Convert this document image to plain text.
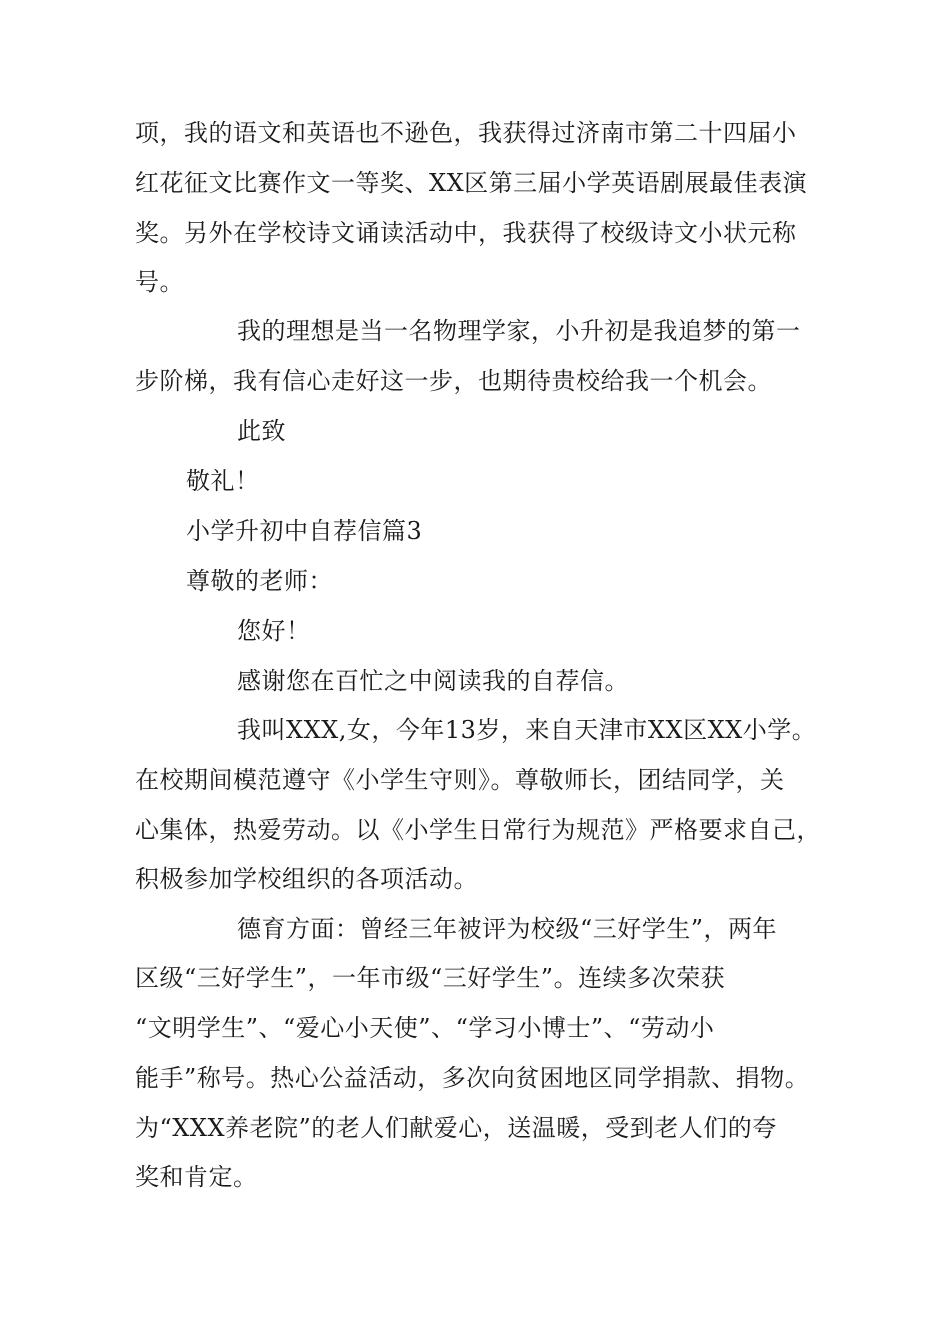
项，我的语文和英语也不逊色，我获得过济南市第二十四届小
红花征文比赛作文一等奖、XX区第三届小学英语剧展最佳表演
奖。另外在学校诗文诵读活动中，我获得了校级诗文小状元称
号。
我的理想是当一名物理学家，小升初是我追梦的第一
步阶梯，我有信心走好这一步，也期待贵校给我一个机会。
此致
敬礼！
小学升初中自荐信篇3
尊敬的老师：
您好！
感谢您在百忙之中阅读我的自荐信。
我叫XXX,女，今年13岁，来自天津市XX区XX小学。
在校期间模范遵守《小学生守则》。尊敬师长，团结同学，关
心集体，热爱劳动。以《小学生日常行为规范》严格要求自己，
积极参加学校组织的各项活动。
德育方面：曾经三年被评为校级“三好学生”，两年
区级“三好学生”，一年市级“三好学生”。连续多次荣获
“文明学生”、“爱心小天使”、“学习小博士”、“劳动小
能手”称号。热心公益活动，多次向贫困地区同学捐款、捐物。
为“XXX养老院”的老人们献爱心，送温暖，受到老人们的夸
奖和肯定。
